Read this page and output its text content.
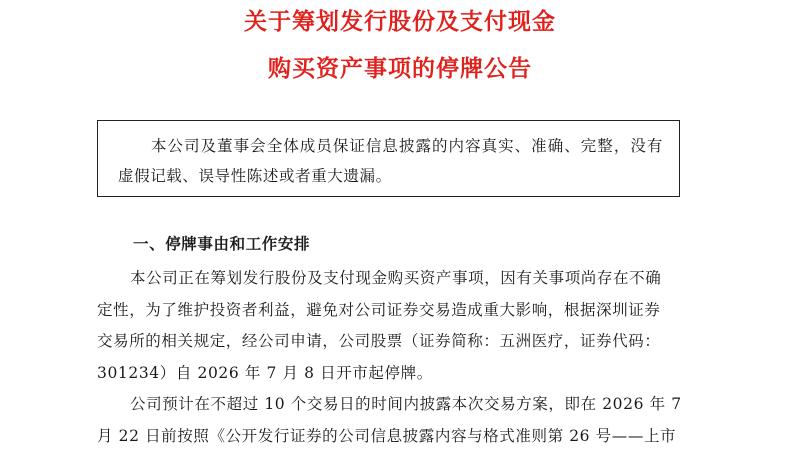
关于筹划发行股份及支付现金
购买资产事项的停牌公告

本公司及董事会全体成员保证信息披露的内容真实、准确、完整，没有虚假记载、误导性陈述或者重大遗漏。

一、停牌事由和工作安排

本公司正在筹划发行股份及支付现金购买资产事项，因有关事项尚存在不确
定性，为了维护投资者利益，避免对公司证券交易造成重大影响，根据深圳证券
交易所的相关规定，经公司申请，公司股票（证券简称：五洲医疗，证券代码：
301234）自 2026 年 7 月 8 日开市起停牌。

公司预计在不超过 10 个交易日的时间内披露本次交易方案，即在 2026 年 7
月 22 日前按照《公开发行证券的公司信息披露内容与格式准则第 26 号——上市
